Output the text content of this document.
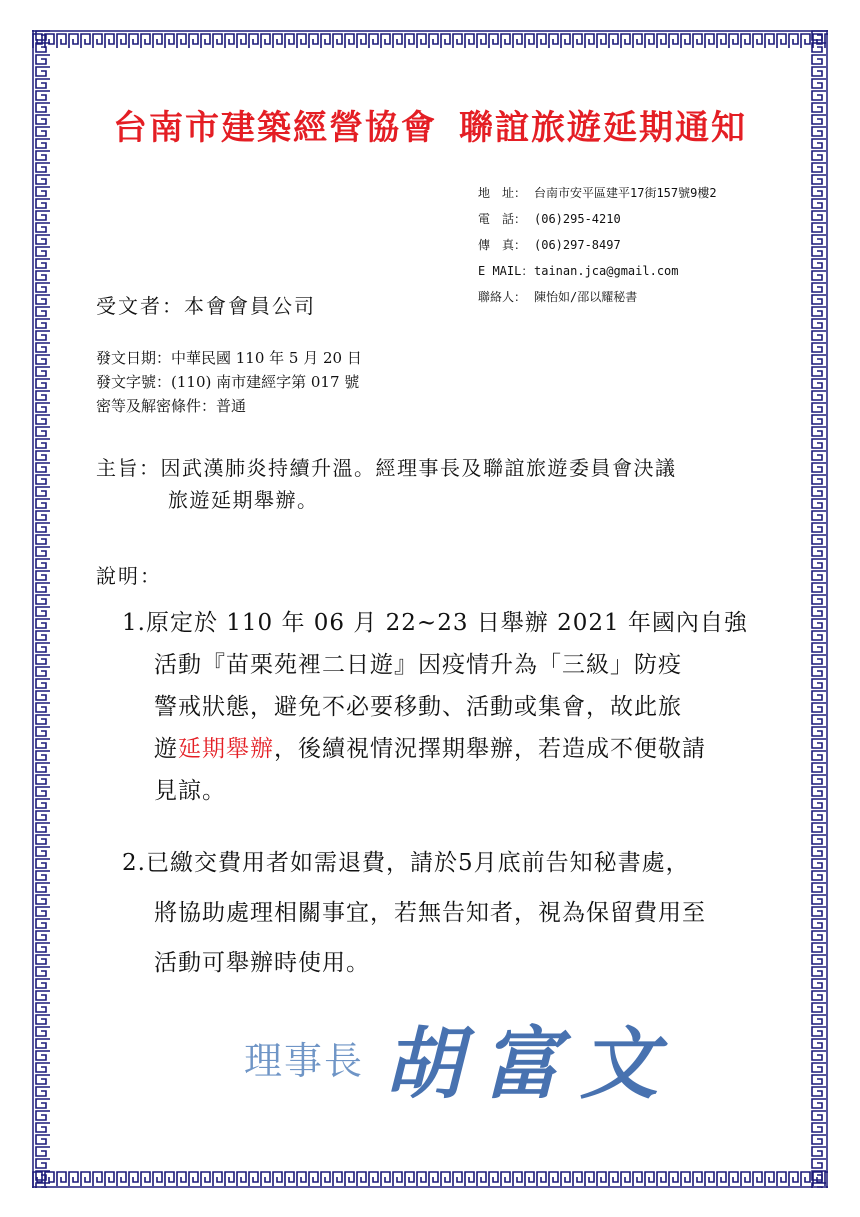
台南市建築經營協會 聯誼旅遊延期通知
地　址： 台南市安平區建平17街157號9樓2
電　話： (06)295-4210
傳　真： (06)297-8497
E MAIL：tainan.jca@gmail.com
聯絡人： 陳怡如/邵以耀秘書
受文者：本會會員公司
發文日期：中華民國 110 年 5 月 20 日
發文字號：(110) 南市建經字第 017 號
密等及解密條件：普通
主旨：因武漢肺炎持續升溫。經理事長及聯誼旅遊委員會決議
旅遊延期舉辦。
說明：
1.原定於 110 年 06 月 22~23 日舉辦 2021 年國內自強
活動『苗栗苑裡二日遊』因疫情升為「三級」防疫
警戒狀態，避免不必要移動、活動或集會，故此旅
遊延期舉辦，後續視情況擇期舉辦，若造成不便敬請
見諒。
2.已繳交費用者如需退費，請於5月底前告知秘書處，
將協助處理相關事宜，若無告知者，視為保留費用至
活動可舉辦時使用。
理事長 胡富文
